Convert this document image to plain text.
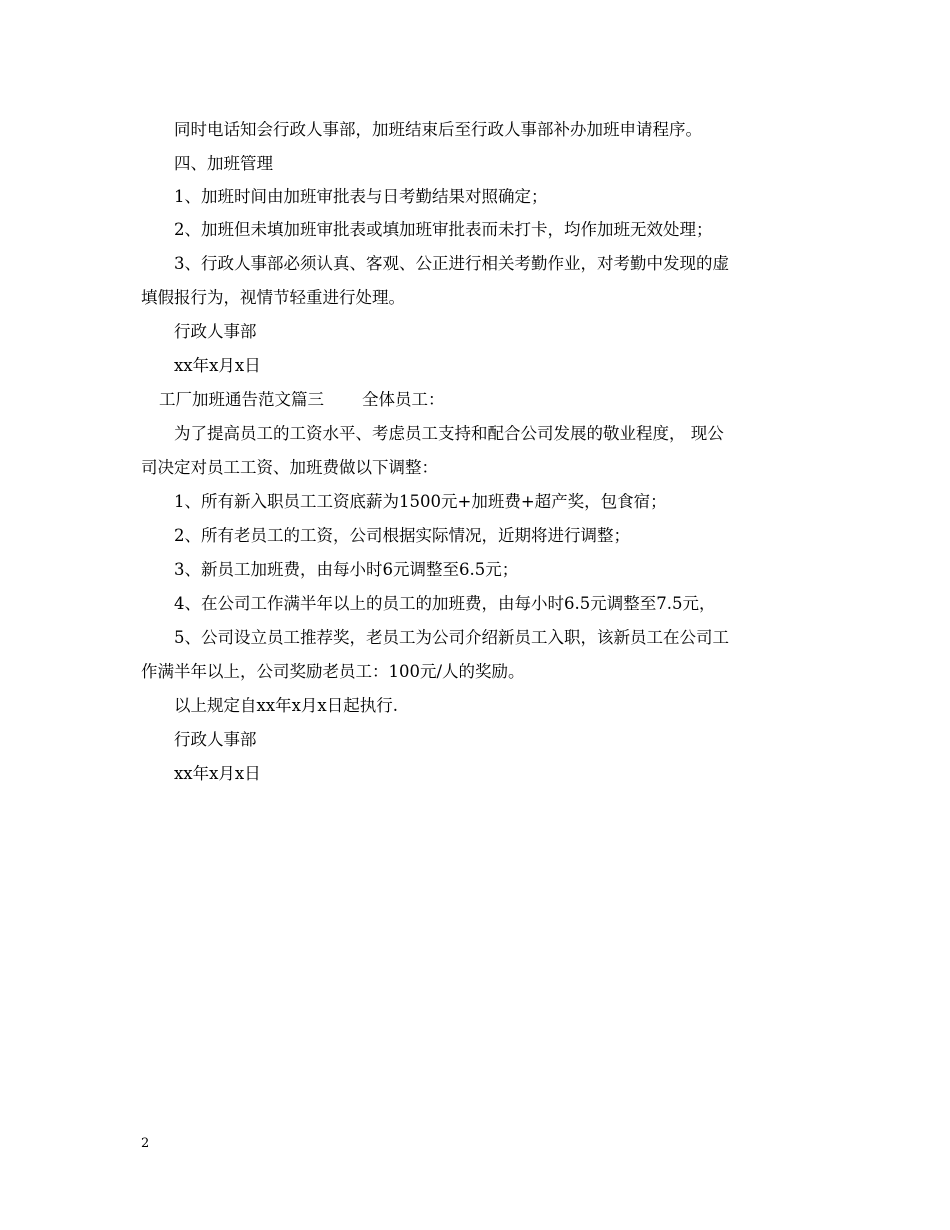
同时电话知会行政人事部，加班结束后至行政人事部补办加班申请程序。
四、加班管理
1、加班时间由加班审批表与日考勤结果对照确定；
2、加班但未填加班审批表或填加班审批表而未打卡，均作加班无效处理；
3、行政人事部必须认真、客观、公正进行相关考勤作业，对考勤中发现的虚
填假报行为，视情节轻重进行处理。
行政人事部
xx年x月x日
工厂加班通告范文篇三 全体员工：
为了提高员工的工资水平、考虑员工支持和配合公司发展的敬业程度， 现公
司决定对员工工资、加班费做以下调整：
1、所有新入职员工工资底薪为1500元+加班费+超产奖，包食宿；
2、所有老员工的工资，公司根据实际情况，近期将进行调整；
3、新员工加班费，由每小时6元调整至6.5元；
4、在公司工作满半年以上的员工的加班费，由每小时6.5元调整至7.5元，
5、公司设立员工推荐奖，老员工为公司介绍新员工入职，该新员工在公司工
作满半年以上，公司奖励老员工：100元/人的奖励。
以上规定自xx年x月x日起执行.
行政人事部
xx年x月x日
2
